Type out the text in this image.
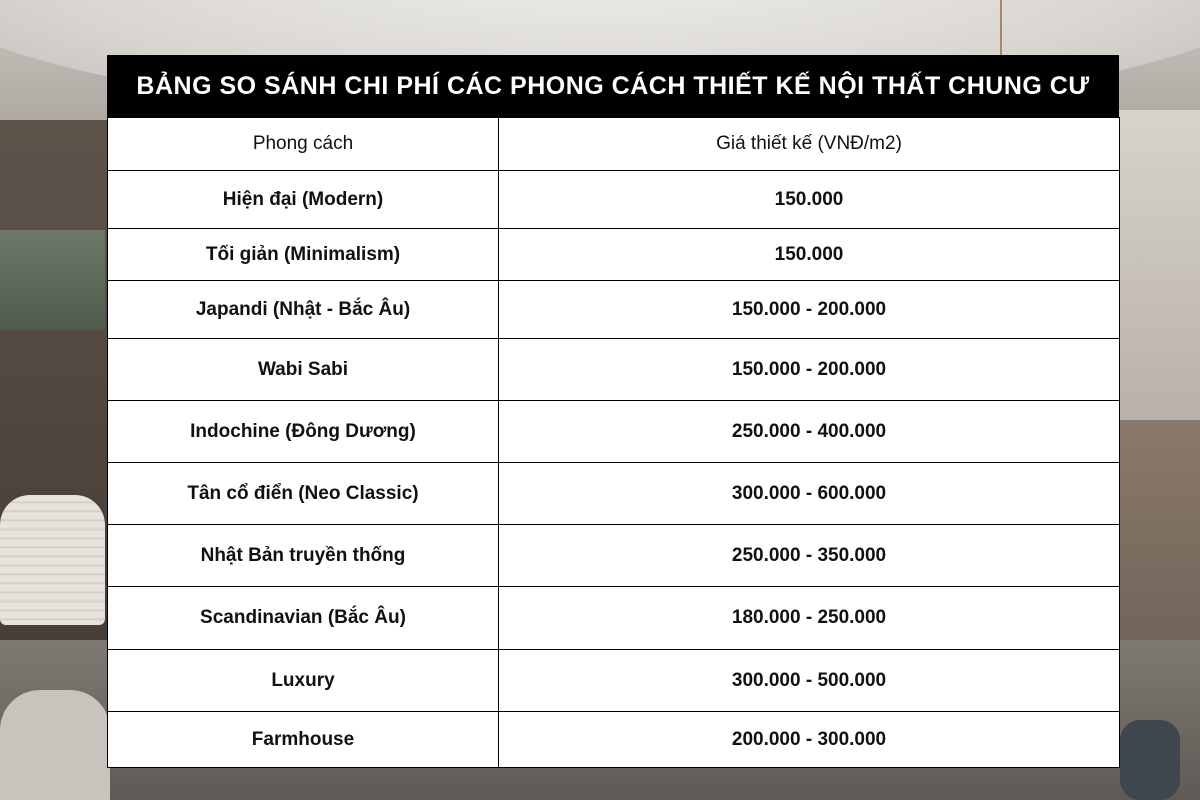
BẢNG SO SÁNH CHI PHÍ CÁC PHONG CÁCH THIẾT KẾ NỘI THẤT CHUNG CƯ
Phong cách	Giá thiết kế (VNĐ/m2)
Hiện đại (Modern)	150.000
Tối giản (Minimalism)	150.000
Japandi (Nhật - Bắc Âu)	150.000 - 200.000
Wabi Sabi	150.000 - 200.000
Indochine (Đông Dương)	250.000 - 400.000
Tân cổ điển (Neo Classic)	300.000 - 600.000
Nhật Bản truyền thống	250.000 - 350.000
Scandinavian (Bắc Âu)	180.000 - 250.000
Luxury	300.000 - 500.000
Farmhouse	200.000 - 300.000
